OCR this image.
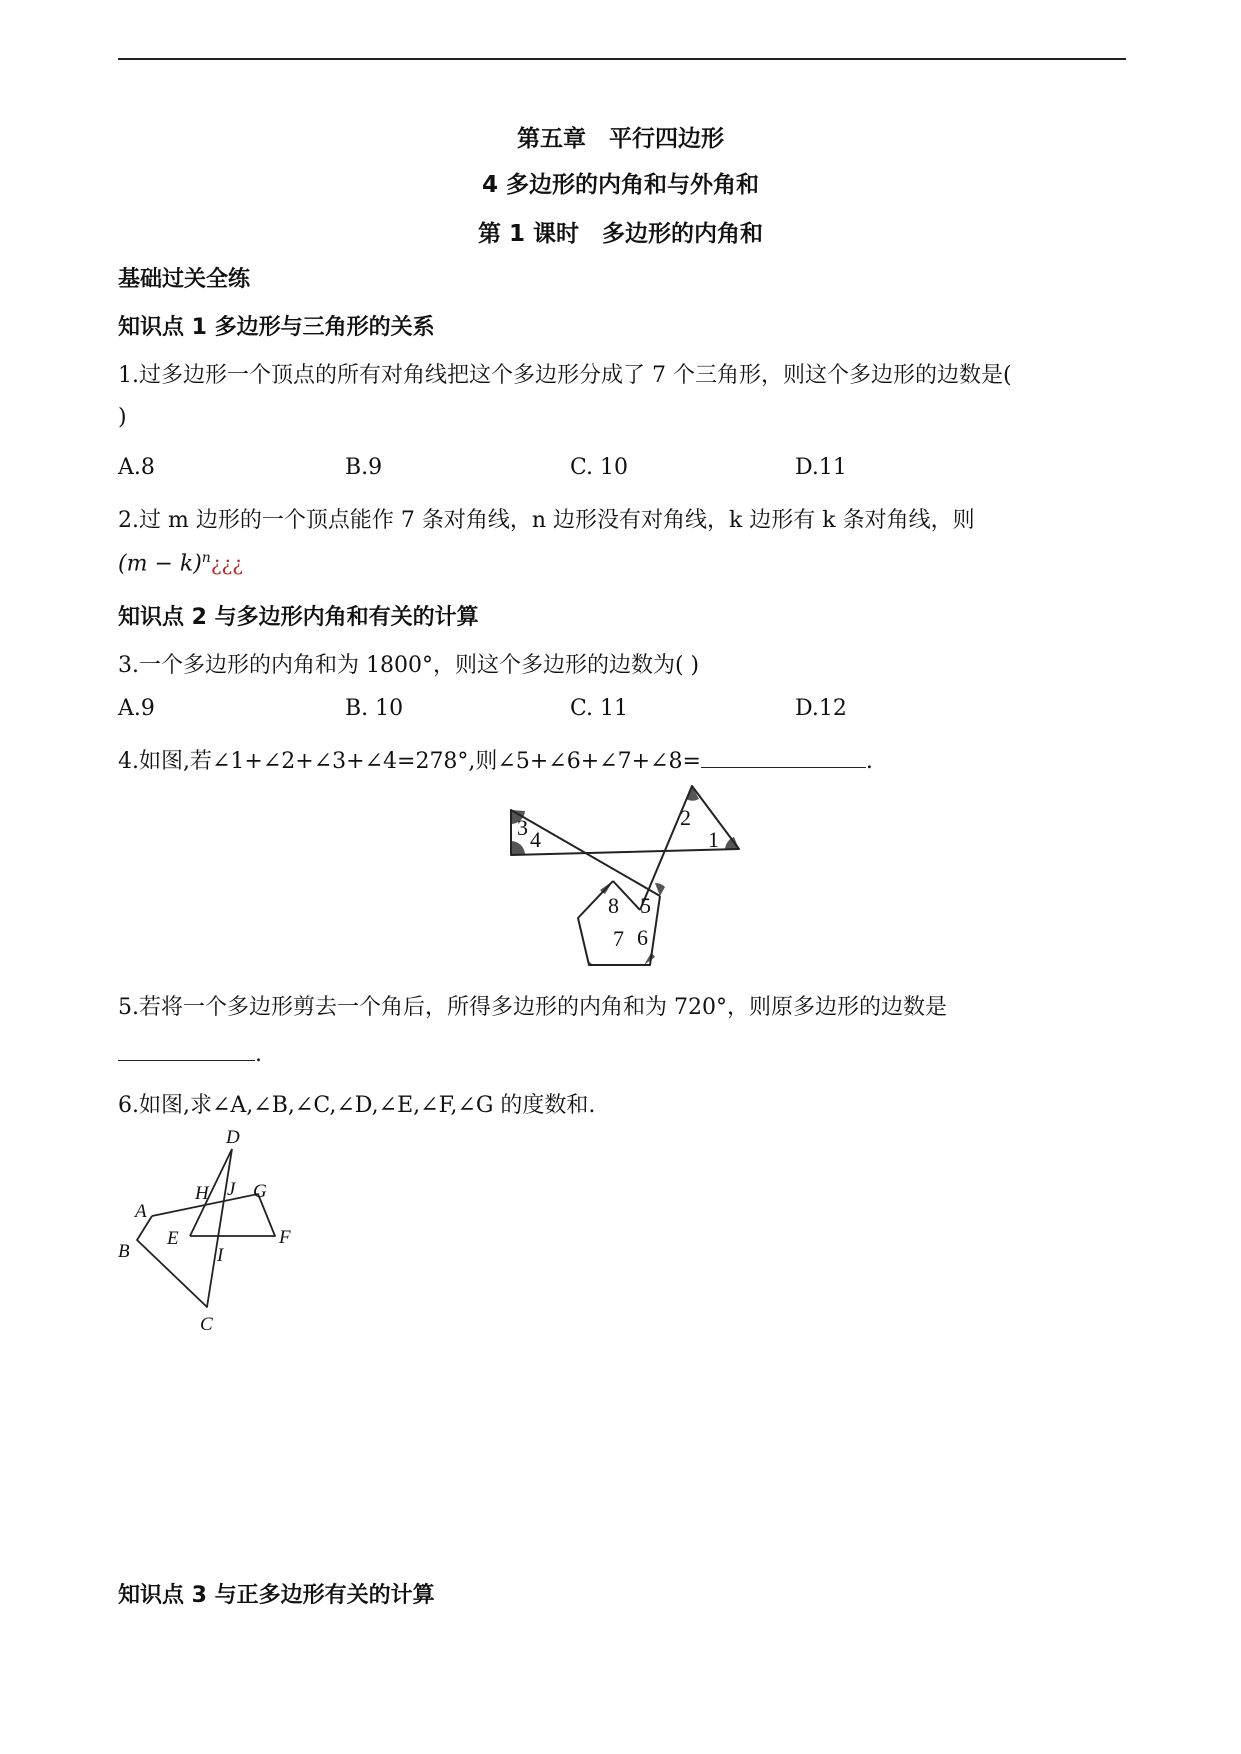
第五章　平行四边形
4 多边形的内角和与外角和
第 1 课时　多边形的内角和
基础过关全练
知识点 1 多边形与三角形的关系
1.过多边形一个顶点的所有对角线把这个多边形分成了 7 个三角形，则这个多边形的边数是(
)
A.8	B.9	C. 10	D.11
2.过 m 边形的一个顶点能作 7 条对角线，n 边形没有对角线，k 边形有 k 条对角线，则
$(m - k)^n¿¿¿$
知识点 2 与多边形内角和有关的计算
3.一个多边形的内角和为 1800°，则这个多边形的边数为( )
A.9	B. 10	C. 11	D.12
4.如图,若∠1+∠2+∠3+∠4=278°,则∠5+∠6+∠7+∠8=	.
3 4
2
1
8 5
7 6
5.若将一个多边形剪去一个角后，所得多边形的内角和为 720°，则原多边形的边数是
.
6.如图,求∠A,∠B,∠C,∠D,∠E,∠F,∠G 的度数和.
D
H J G
A
E	F
B	I
C
知识点 3 与正多边形有关的计算
